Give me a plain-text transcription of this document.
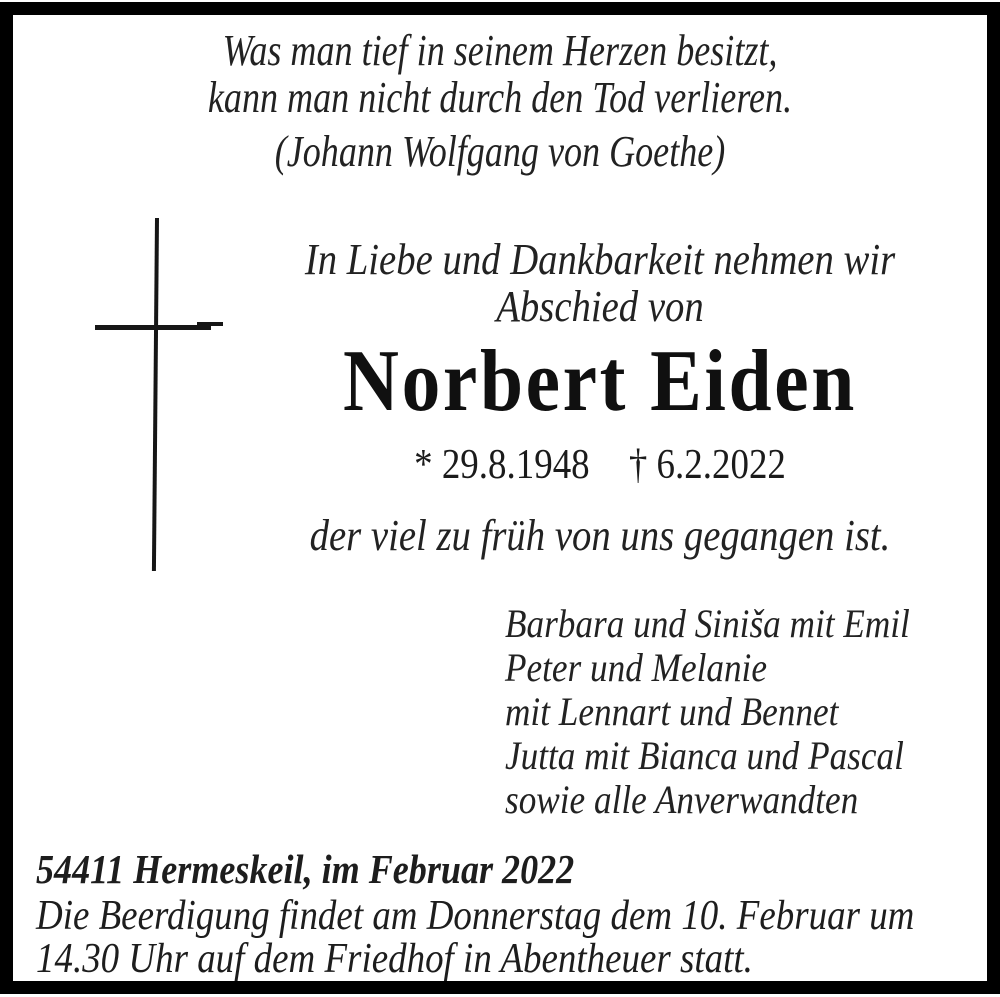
Was man tief in seinem Herzen besitzt,
kann man nicht durch den Tod verlieren.
(Johann Wolfgang von Goethe)
In Liebe und Dankbarkeit nehmen wir
Abschied von
Norbert Eiden
* 29.8.1948 † 6.2.2022
der viel zu früh von uns gegangen ist.
Barbara und Siniša mit Emil
Peter und Melanie
mit Lennart und Bennet
Jutta mit Bianca und Pascal
sowie alle Anverwandten
54411 Hermeskeil, im Februar 2022
Die Beerdigung findet am Donnerstag dem 10. Februar um
14.30 Uhr auf dem Friedhof in Abentheuer statt.
